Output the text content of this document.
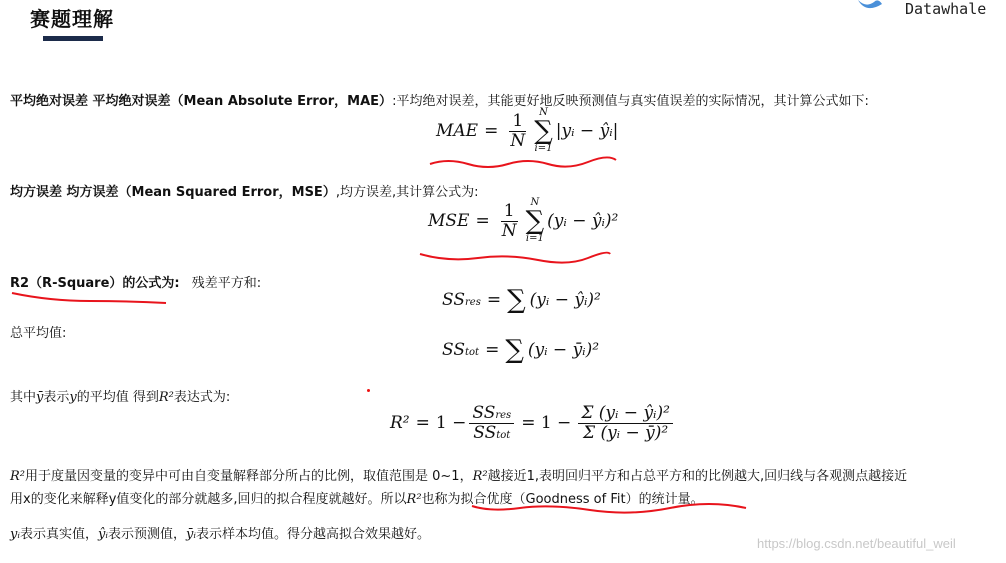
赛题理解	Datawhale
平均绝对误差 平均绝对误差（Mean Absolute Error，MAE）:平均绝对误差，其能更好地反映预测值与真实值误差的实际情况，其计算公式如下:
MAE = $\frac{1}{N}$ N
∑
i=1
|yᵢ − ŷᵢ|
均方误差 均方误差（Mean Squared Error，MSE）,均方误差,其计算公式为:
MSE = $\frac{1}{N}$ N
∑
i=1
(yᵢ − ŷᵢ)²
R2（R-Square）的公式为: 残差平方和:
SSres = ∑ (yᵢ − ŷᵢ)²
总平均值:
SStot = ∑ (yᵢ − ȳᵢ)²
其中ȳ表示y的平均值 得到R²表达式为:
$R^2 = 1 - \frac{\text{SSres}}{\text{SStot}} = 1 - \frac{\text{Σ (yᵢ − ŷᵢ)²}}{\text{Σ (yᵢ − ȳ)²}}$
R²用于度量因变量的变异中可由自变量解释部分所占的比例，取值范围是 0~1，R²越接近1,表明回归平方和占总平方和的比例越大,回归线与各观测点越接近
用x的变化来解释y值变化的部分就越多,回归的拟合程度就越好。所以R²也称为拟合优度（Goodness of Fit）的统计量。
yᵢ表示真实值，ŷᵢ表示预测值，ȳᵢ表示样本均值。得分越高拟合效果越好。
https://blog.csdn.net/beautiful_weil
